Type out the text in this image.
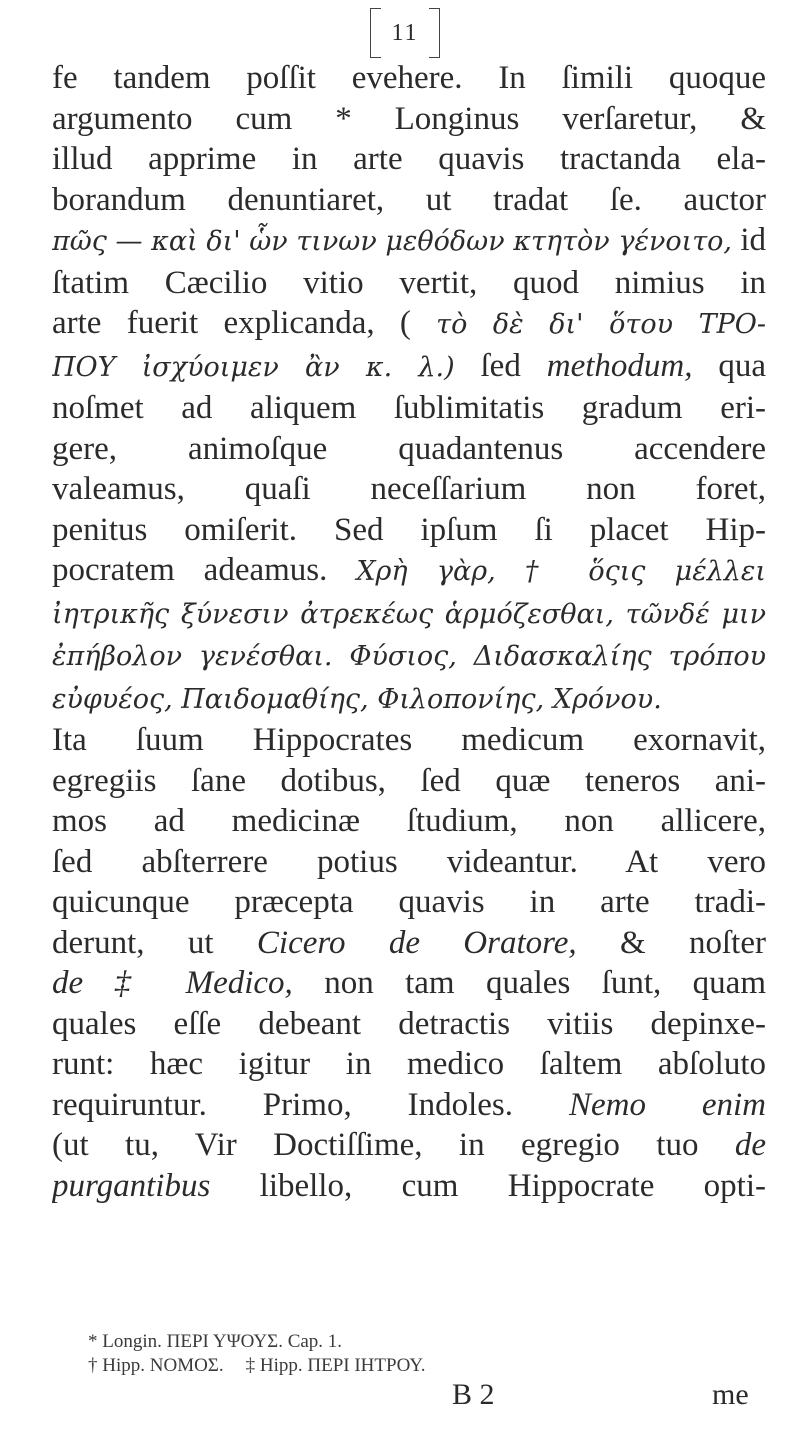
11
fe tandem poſſit evehere. In ſimili quoque
argumento cum * Longinus verſaretur, &
illud apprime in arte quavis tractanda ela-
borandum denuntiaret, ut tradat ſe. auctor
πῶς — καὶ δι' ὧν τινων μεθόδων κτητὸν γένοιτο, id
ſtatim Cæcilio vitio vertit, quod nimius in
arte fuerit explicanda, ( τὸ δὲ δι' ὅτου ΤΡΟ-
ΠΟΥ ἰσχύοιμεν ἂν κ. λ.) ſed methodum, qua
noſmet ad aliquem ſublimitatis gradum eri-
gere, animoſque quadantenus accendere
valeamus, quaſi neceſſarium non foret,
penitus omiſerit. Sed ipſum ſi placet Hip-
pocratem adeamus. Χρὴ γὰρ, † ὅςις μέλλει
ἰητρικῆς ξύνεσιν ἀτρεκέως ἁρμόζεσθαι, τῶνδέ μιν
ἐπήβολον γενέσθαι. Φύσιος, Διδασκαλίης τρόπου
εὐφυέος, Παιδομαθίης, Φιλοπονίης, Χρόνου.
Ita ſuum Hippocrates medicum exornavit,
egregiis ſane dotibus, ſed quæ teneros ani-
mos ad medicinæ ſtudium, non allicere,
ſed abſterrere potius videantur. At vero
quicunque præcepta quavis in arte tradi-
derunt, ut Cicero de Oratore, & noſter
de ‡ Medico, non tam quales ſunt, quam
quales eſſe debeant detractis vitiis depinxe-
runt: hæc igitur in medico ſaltem abſoluto
requiruntur. Primo, Indoles. Nemo enim
(ut tu, Vir Doctiſſime, in egregio tuo de
purgantibus libello, cum Hippocrate opti-
* Longin. ΠΕΡΙ ΥΨΟΥΣ. Cap. 1.
† Hipp. ΝΟΜΟΣ. ‡ Hipp. ΠΕΡΙ ΙΗΤΡΟΥ.
B 2	me
